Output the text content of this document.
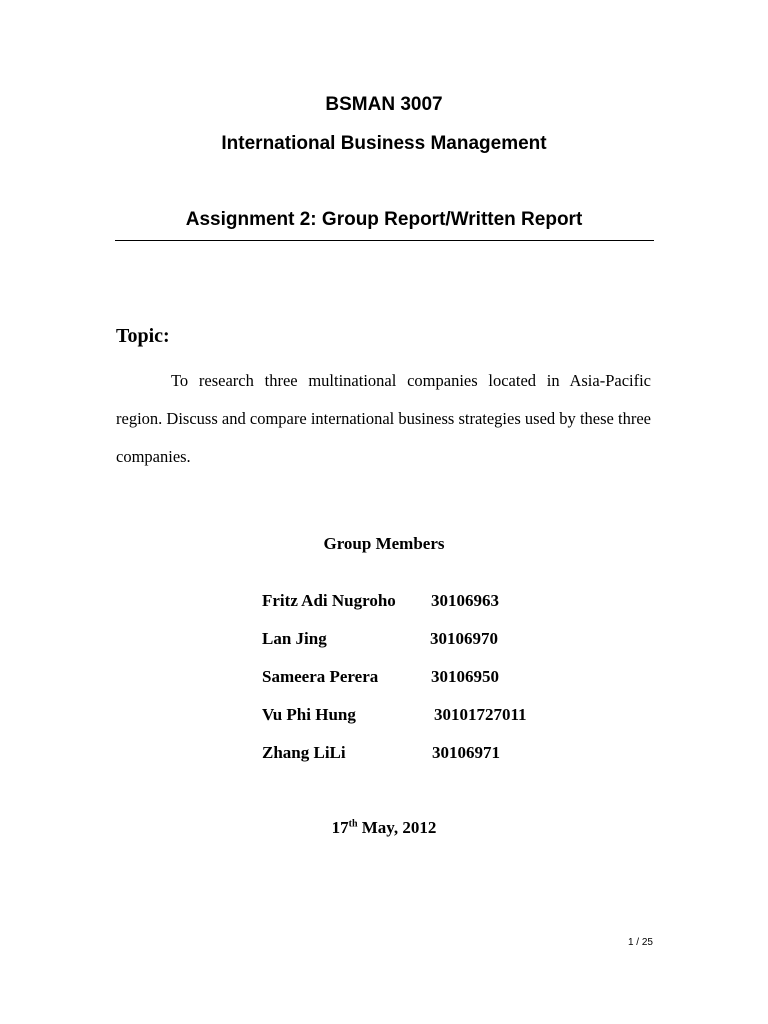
BSMAN 3007
International Business Management
Assignment 2: Group Report/Written Report
Topic:

To research three multinational companies located in Asia-Pacific region. Discuss and compare international business strategies used by these three companies.

Group Members
Fritz Adi Nugroho 30106963
Lan Jing	30106970
Sameera Perera	30106950
Vu Phi Hung	30101727011
Zhang LiLi	30106971
17th May, 2012
1 / 25
